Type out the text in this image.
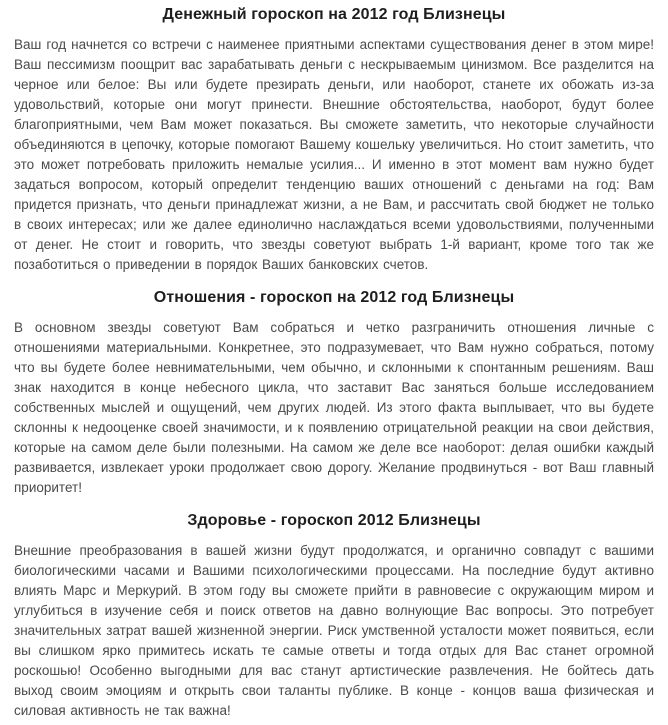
Денежный гороскоп на 2012 год Близнецы

Ваш год начнется со встречи с наименее приятными аспектами существования денег в этом мире! Ваш пессимизм поощрит вас зарабатывать деньги с нескрываемым цинизмом. Все разделится на черное или белое: Вы или будете презирать деньги, или наоборот, станете их обожать из-за удовольствий, которые они могут принести. Внешние обстоятельства, наоборот, будут более благоприятными, чем Вам может показаться. Вы сможете заметить, что некоторые случайности объединяются в цепочку, которые помогают Вашему кошельку увеличиться. Но стоит заметить, что это может потребовать приложить немалые усилия... И именно в этот момент вам нужно будет задаться вопросом, который определит тенденцию ваших отношений с деньгами на год: Вам придется признать, что деньги принадлежат жизни, а не Вам, и рассчитать свой бюджет не только в своих интересах; или же далее единолично наслаждаться всеми удовольствиями, полученными от денег. Не стоит и говорить, что звезды советуют выбрать 1-й вариант, кроме того так же позаботиться о приведении в порядок Ваших банковских счетов.

Отношения - гороскоп на 2012 год Близнецы

В основном звезды советуют Вам собраться и четко разграничить отношения личные с отношениями материальными. Конкретнее, это подразумевает, что Вам нужно собраться, потому что вы будете более невнимательными, чем обычно, и склонными к спонтанным решениям. Ваш знак находится в конце небесного цикла, что заставит Вас заняться больше исследованием собственных мыслей и ощущений, чем других людей. Из этого факта выплывает, что вы будете склонны к недооценке своей значимости, и к появлению отрицательной реакции на свои действия, которые на самом деле были полезными. На самом же деле все наоборот: делая ошибки каждый развивается, извлекает уроки продолжает свою дорогу. Желание продвинуться - вот Ваш главный приоритет!

Здоровье - гороскоп 2012 Близнецы

Внешние преобразования в вашей жизни будут продолжатся, и органично совпадут с вашими биологическими часами и Вашими психологическими процессами. На последние будут активно влиять Марс и Меркурий. В этом году вы сможете прийти в равновесие с окружающим миром и углубиться в изучение себя и поиск ответов на давно волнующие Вас вопросы. Это потребует значительных затрат вашей жизненной энергии. Риск умственной усталости может появиться, если вы слишком ярко примитесь искать те самые ответы и тогда отдых для Вас станет огромной роскошью! Особенно выгодными для вас станут артистические развлечения. Не бойтесь дать выход своим эмоциям и открыть свои таланты публике. В конце - концов ваша физическая и силовая активность не так важна!
